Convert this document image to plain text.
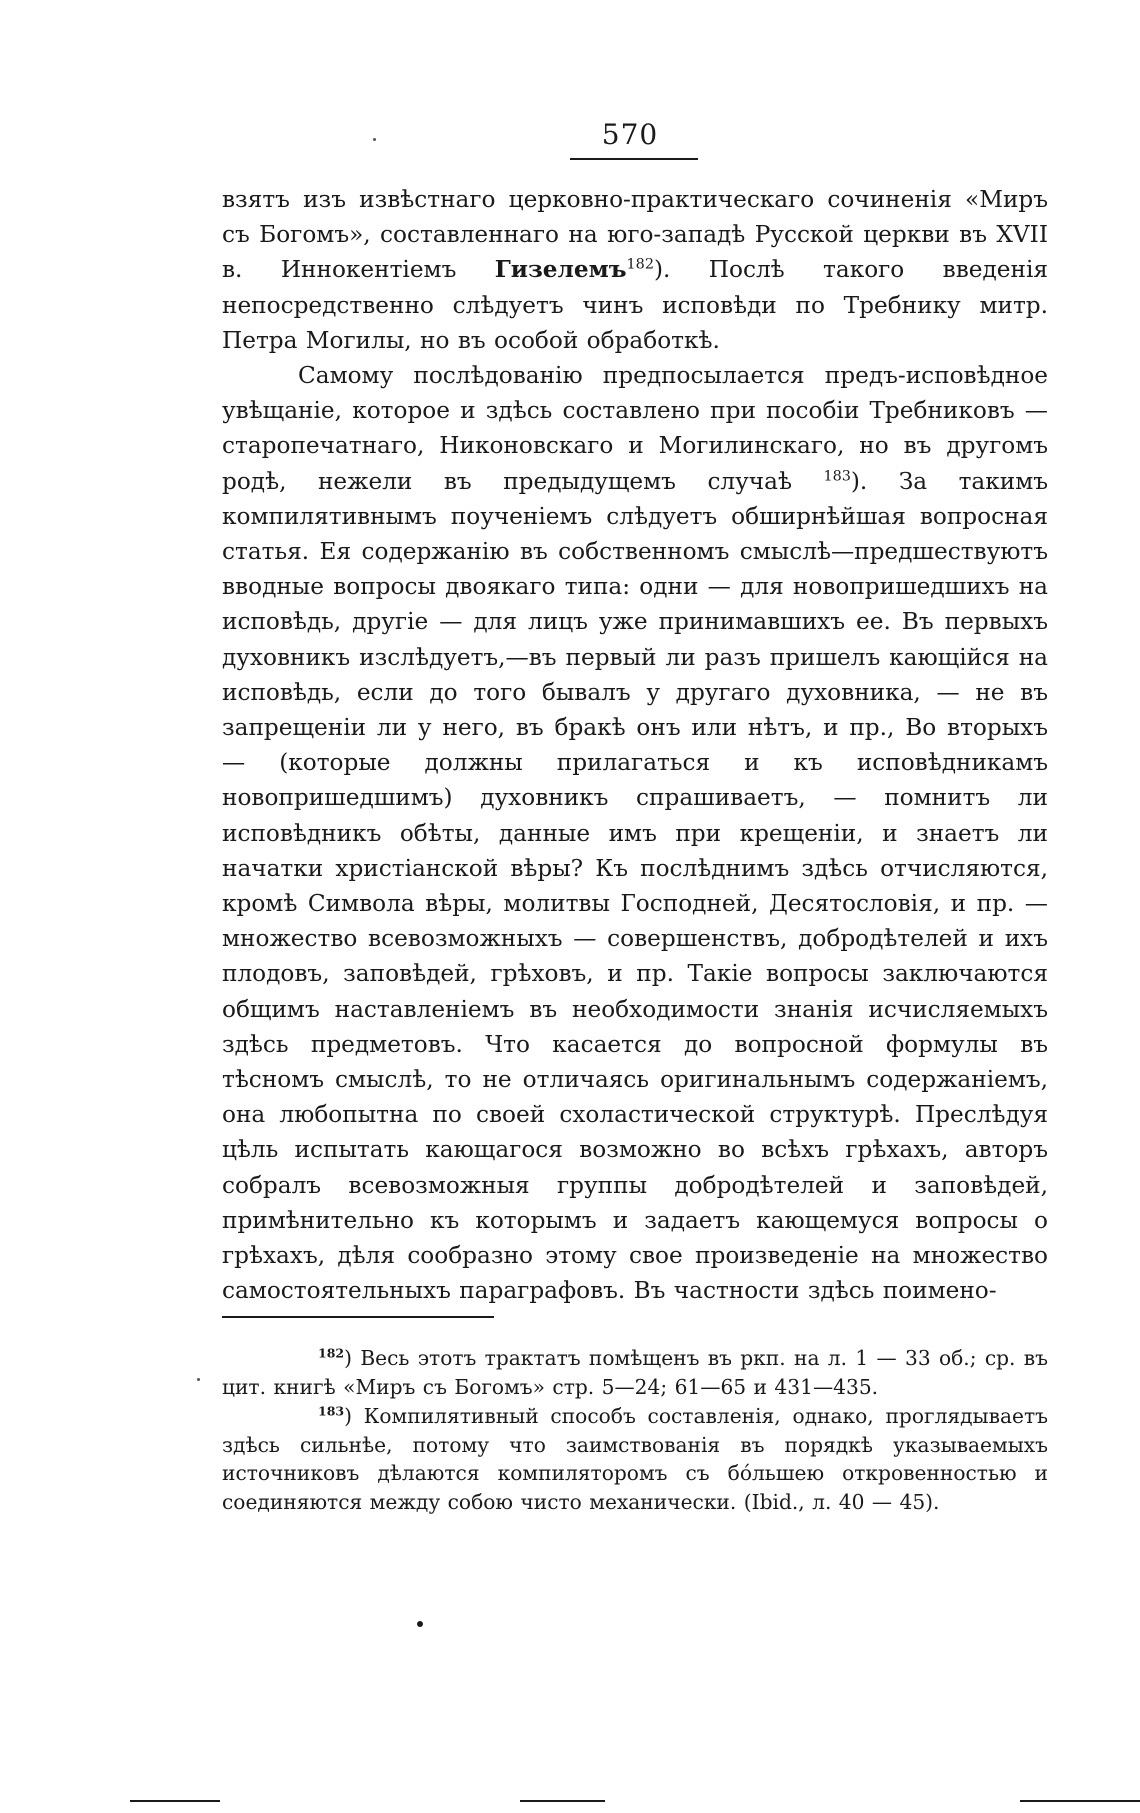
570

взятъ изъ извѣстнаго церковно-практическаго сочиненія «Миръ съ Богомъ», составленнаго на юго-западѣ Русской церкви въ XVII в. Иннокентіемъ Гизелемъ$^{182}$). Послѣ такого введенія непосредственно слѣдуетъ чинъ исповѣди по Требнику митр. Петра Могилы, но въ особой обработкѣ.

Самому послѣдованію предпосылается предъ-исповѣдное увѣщаніе, которое и здѣсь составлено при пособіи Требниковъ — старопечатнаго, Никоновскаго и Могилинскаго, но въ другомъ родѣ, нежели въ предыдущемъ случаѣ $^{183}$). За такимъ компилятивнымъ поученіемъ слѣдуетъ обширнѣйшая вопросная статья. Ея содержанію въ собственномъ смыслѣ—предшествуютъ вводные вопросы двоякаго типа: одни — для новопришедшихъ на исповѣдь, другіе — для лицъ уже принимавшихъ ее. Въ первыхъ духовникъ изслѣдуетъ,—въ первый ли разъ пришелъ кающійся на исповѣдь, если до того бывалъ у другаго духовника, — не въ запрещеніи ли у него, въ бракѣ онъ или нѣтъ, и пр., Во вторыхъ — (которые должны прилагаться и къ исповѣдникамъ новопришедшимъ) духовникъ спрашиваетъ, — помнитъ ли исповѣдникъ обѣты, данные имъ при крещеніи, и знаетъ ли начатки христіанской вѣры? Къ послѣднимъ здѣсь отчисляются, кромѣ Символа вѣры, молитвы Господней, Десятословія, и пр. — множество всевозможныхъ — совершенствъ, добродѣтелей и ихъ плодовъ, заповѣдей, грѣховъ, и пр. Такіе вопросы заключаются общимъ наставленіемъ въ необходимости знанія исчисляемыхъ здѣсь предметовъ. Что касается до вопросной формулы въ тѣсномъ смыслѣ, то не отличаясь оригинальнымъ содержаніемъ, она любопытна по своей схоластической структурѣ. Преслѣдуя цѣль испытать кающагося возможно во всѣхъ грѣхахъ, авторъ собралъ всевозможныя группы добродѣтелей и заповѣдей, примѣнительно къ которымъ и задаетъ кающемуся вопросы о грѣхахъ, дѣля сообразно этому свое произведеніе на множество самостоятельныхъ параграфовъ. Въ частности здѣсь поимено-

$^{182}$) Весь этотъ трактатъ помѣщенъ въ ркп. на л. 1 — 33 об.; ср. въ цит. книгѣ «Миръ съ Богомъ» стр. 5—24; 61—65 и 431—435.

$^{183}$) Компилятивный способъ составленія, однако, проглядываетъ здѣсь сильнѣе, потому что заимствованія въ порядкѣ указываемыхъ источниковъ дѣлаются компиляторомъ съ бо́льшею откровенностью и соединяются между собою чисто механически. (Ibid., л. 40 — 45).
